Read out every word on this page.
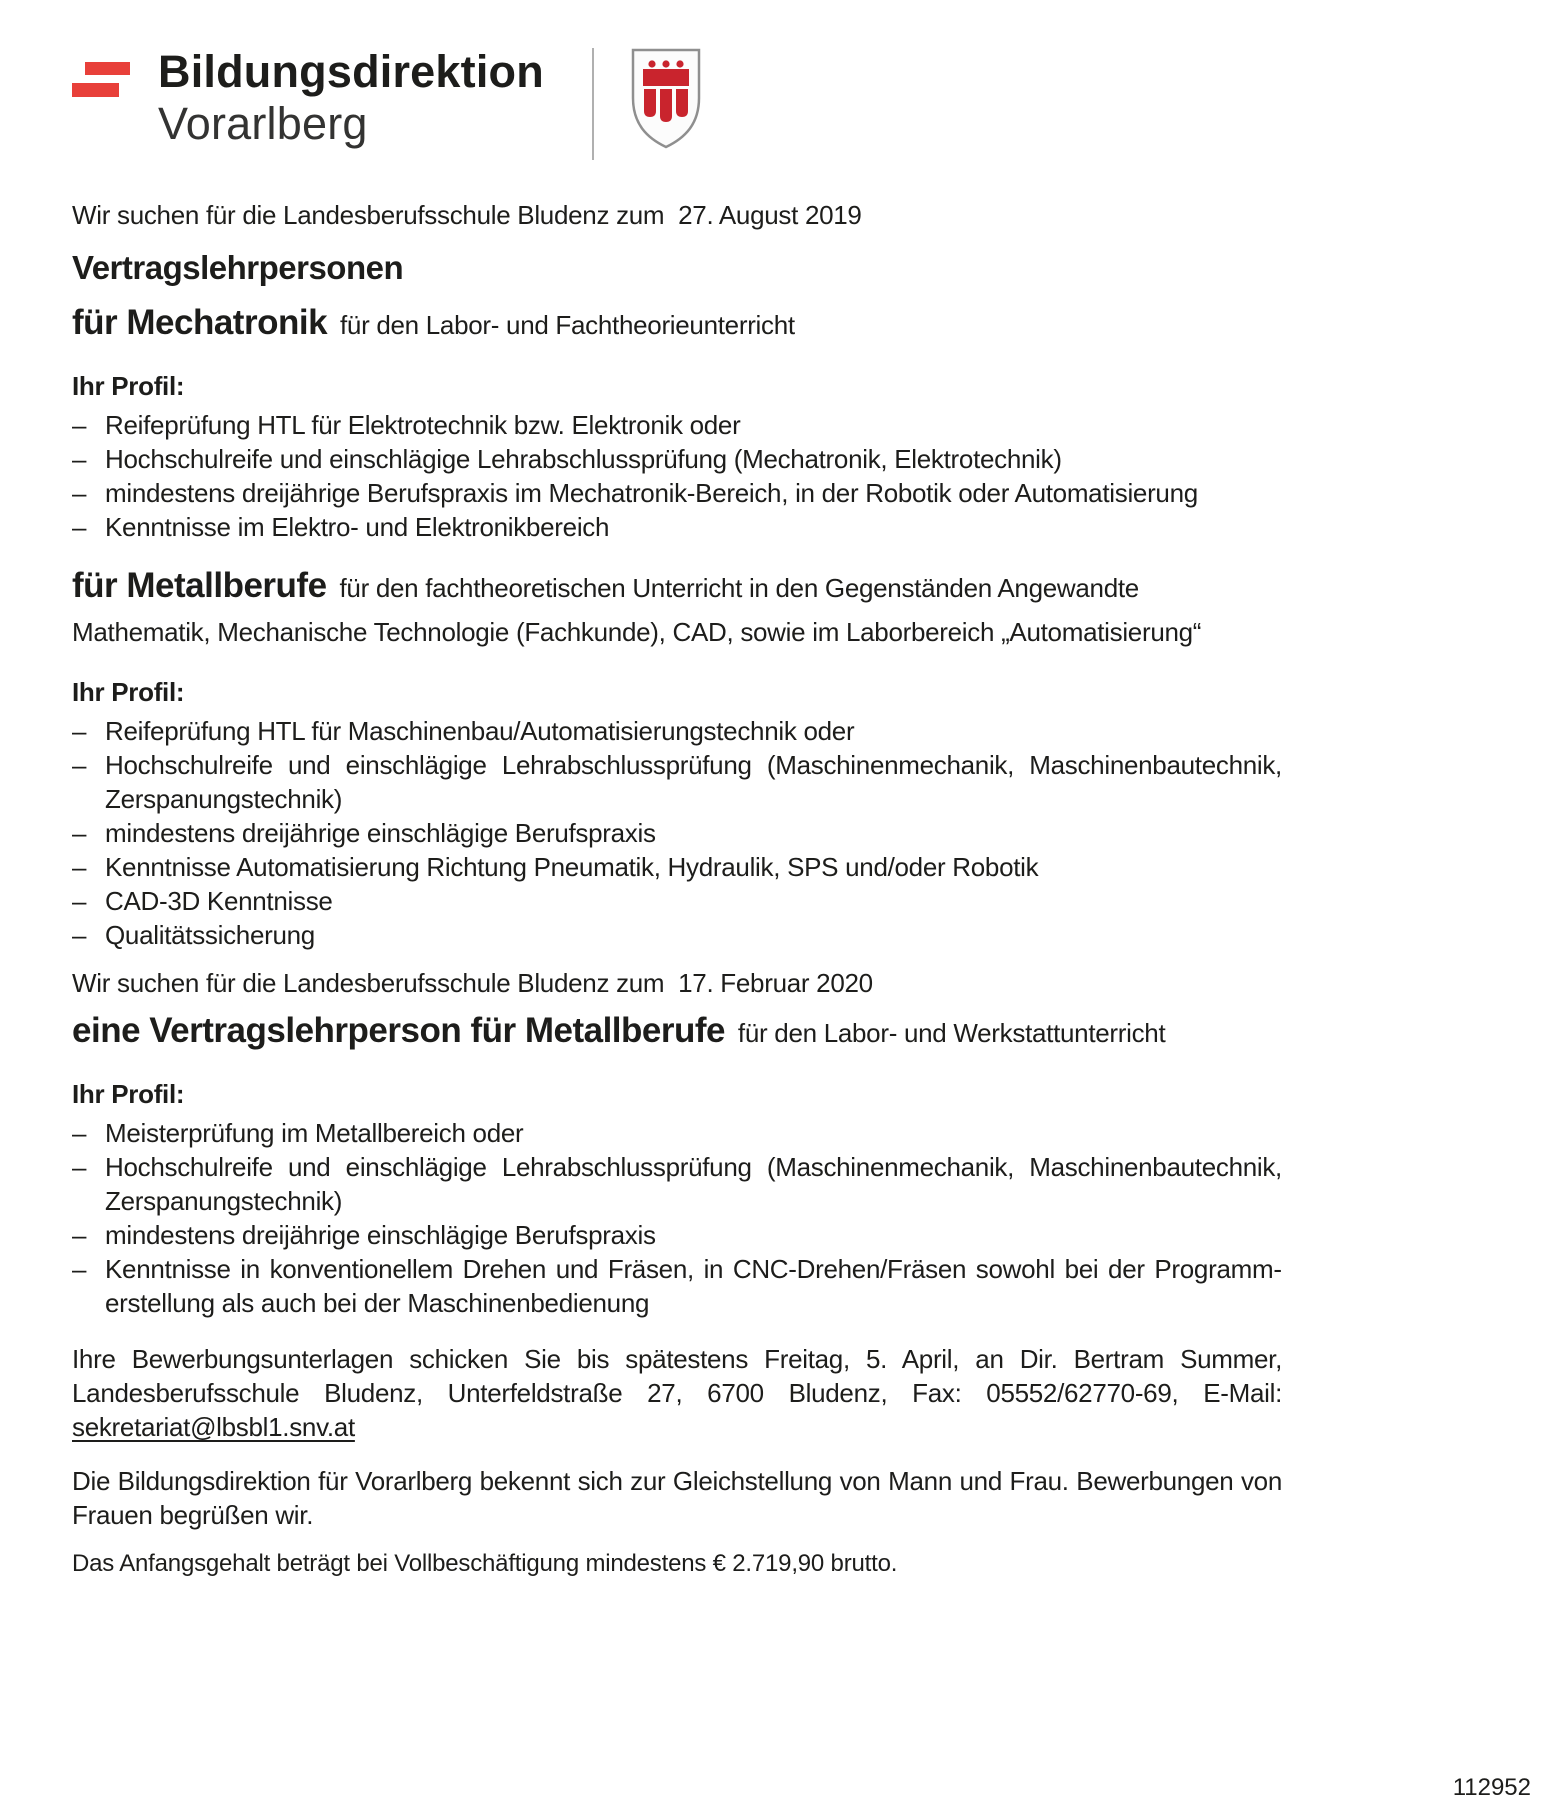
Bildungsdirektion
Vorarlberg

Wir suchen für die Landesberufsschule Bludenz zum  27. August 2019

Vertragslehrpersonen
für Mechatronik für den Labor- und Fachtheorieunterricht

Ihr Profil:

– Reifeprüfung HTL für Elektrotechnik bzw. Elektronik oder
– Hochschulreife und einschlägige Lehrabschlussprüfung (Mechatronik, Elektrotechnik)
– mindestens dreijährige Berufspraxis im Mechatronik-Bereich, in der Robotik oder Automatisierung
– Kenntnisse im Elektro- und Elektronikbereich
für Metallberufe für den fachtheoretischen Unterricht in den Gegenständen Angewandte Mathematik, Mechanische Technologie (Fachkunde), CAD, sowie im Laborbereich „Automatisierung“

Ihr Profil:

– Reifeprüfung HTL für Maschinenbau/Automatisierungstechnik oder
– Hochschulreife und einschlägige Lehrabschlussprüfung (Maschinenmechanik, Maschinenbautechnik, Zerspanungstechnik)
– mindestens dreijährige einschlägige Berufspraxis
– Kenntnisse Automatisierung Richtung Pneumatik, Hydraulik, SPS und/oder Robotik
– CAD-3D Kenntnisse
– Qualitätssicherung

Wir suchen für die Landesberufsschule Bludenz zum  17. Februar 2020

eine Vertragslehrperson für Metallberufe für den Labor- und Werkstattunterricht

Ihr Profil:

– Meisterprüfung im Metallbereich oder
– Hochschulreife und einschlägige Lehrabschlussprüfung (Maschinenmechanik, Maschinenbautechnik, Zerspanungstechnik)
– mindestens dreijährige einschlägige Berufspraxis
– Kenntnisse in konventionellem Drehen und Fräsen, in CNC-Drehen/Fräsen sowohl bei der Programmerstellung als auch bei der Maschinenbedienung

Ihre Bewerbungsunterlagen schicken Sie bis spätestens Freitag, 5. April, an Dir. Bertram Summer, Landesberufsschule Bludenz, Unterfeldstraße 27, 6700 Bludenz, Fax: 05552/62770-69, E-Mail: sekretariat@lbsbl1.snv.at

Die Bildungsdirektion für Vorarlberg bekennt sich zur Gleichstellung von Mann und Frau. Bewerbungen von Frauen begrüßen wir.

Das Anfangsgehalt beträgt bei Vollbeschäftigung mindestens € 2.719,90 brutto.

112952
